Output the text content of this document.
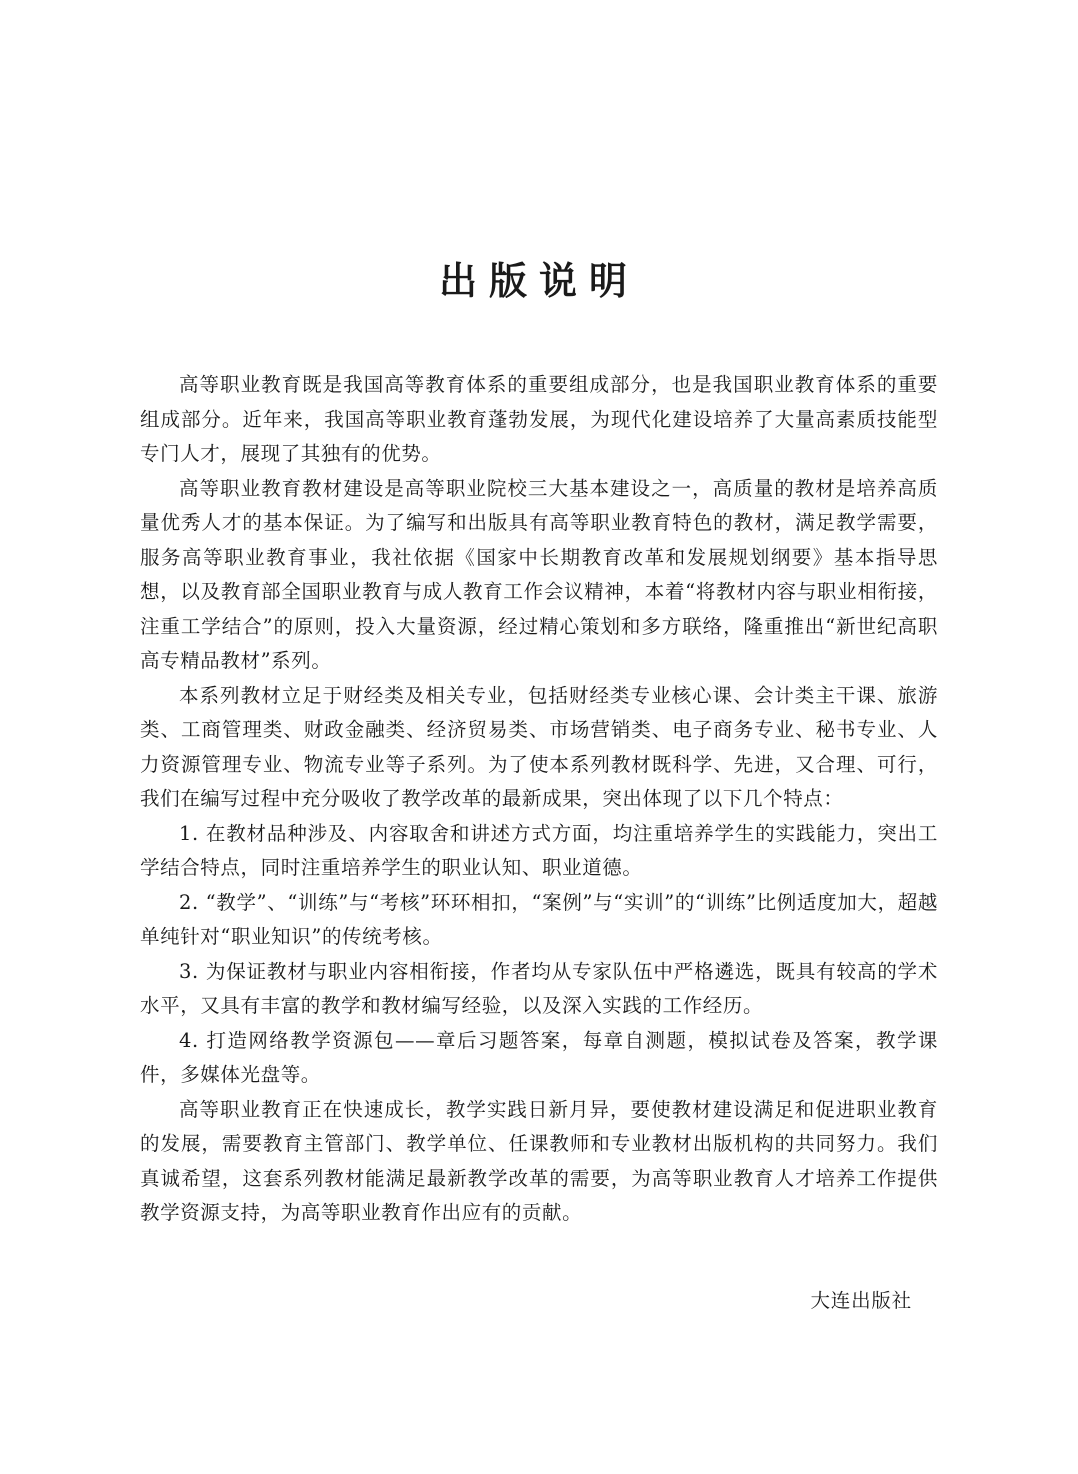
出版说明

高等职业教育既是我国高等教育体系的重要组成部分，也是我国职业教育体系的重要组成部分。近年来，我国高等职业教育蓬勃发展，为现代化建设培养了大量高素质技能型专门人才，展现了其独有的优势。

高等职业教育教材建设是高等职业院校三大基本建设之一，高质量的教材是培养高质量优秀人才的基本保证。为了编写和出版具有高等职业教育特色的教材，满足教学需要，服务高等职业教育事业，我社依据《国家中长期教育改革和发展规划纲要》基本指导思想，以及教育部全国职业教育与成人教育工作会议精神，本着“将教材内容与职业相衔接，注重工学结合”的原则，投入大量资源，经过精心策划和多方联络，隆重推出“新世纪高职高专精品教材”系列。

本系列教材立足于财经类及相关专业，包括财经类专业核心课、会计类主干课、旅游类、工商管理类、财政金融类、经济贸易类、市场营销类、电子商务专业、秘书专业、人力资源管理专业、物流专业等子系列。为了使本系列教材既科学、先进，又合理、可行，我们在编写过程中充分吸收了教学改革的最新成果，突出体现了以下几个特点：

1. 在教材品种涉及、内容取舍和讲述方式方面，均注重培养学生的实践能力，突出工学结合特点，同时注重培养学生的职业认知、职业道德。

2. “教学”、“训练”与“考核”环环相扣，“案例”与“实训”的“训练”比例适度加大，超越单纯针对“职业知识”的传统考核。

3. 为保证教材与职业内容相衔接，作者均从专家队伍中严格遴选，既具有较高的学术水平，又具有丰富的教学和教材编写经验，以及深入实践的工作经历。

4. 打造网络教学资源包——章后习题答案，每章自测题，模拟试卷及答案，教学课件，多媒体光盘等。

高等职业教育正在快速成长，教学实践日新月异，要使教材建设满足和促进职业教育的发展，需要教育主管部门、教学单位、任课教师和专业教材出版机构的共同努力。我们真诚希望，这套系列教材能满足最新教学改革的需要，为高等职业教育人才培养工作提供教学资源支持，为高等职业教育作出应有的贡献。

大连出版社
